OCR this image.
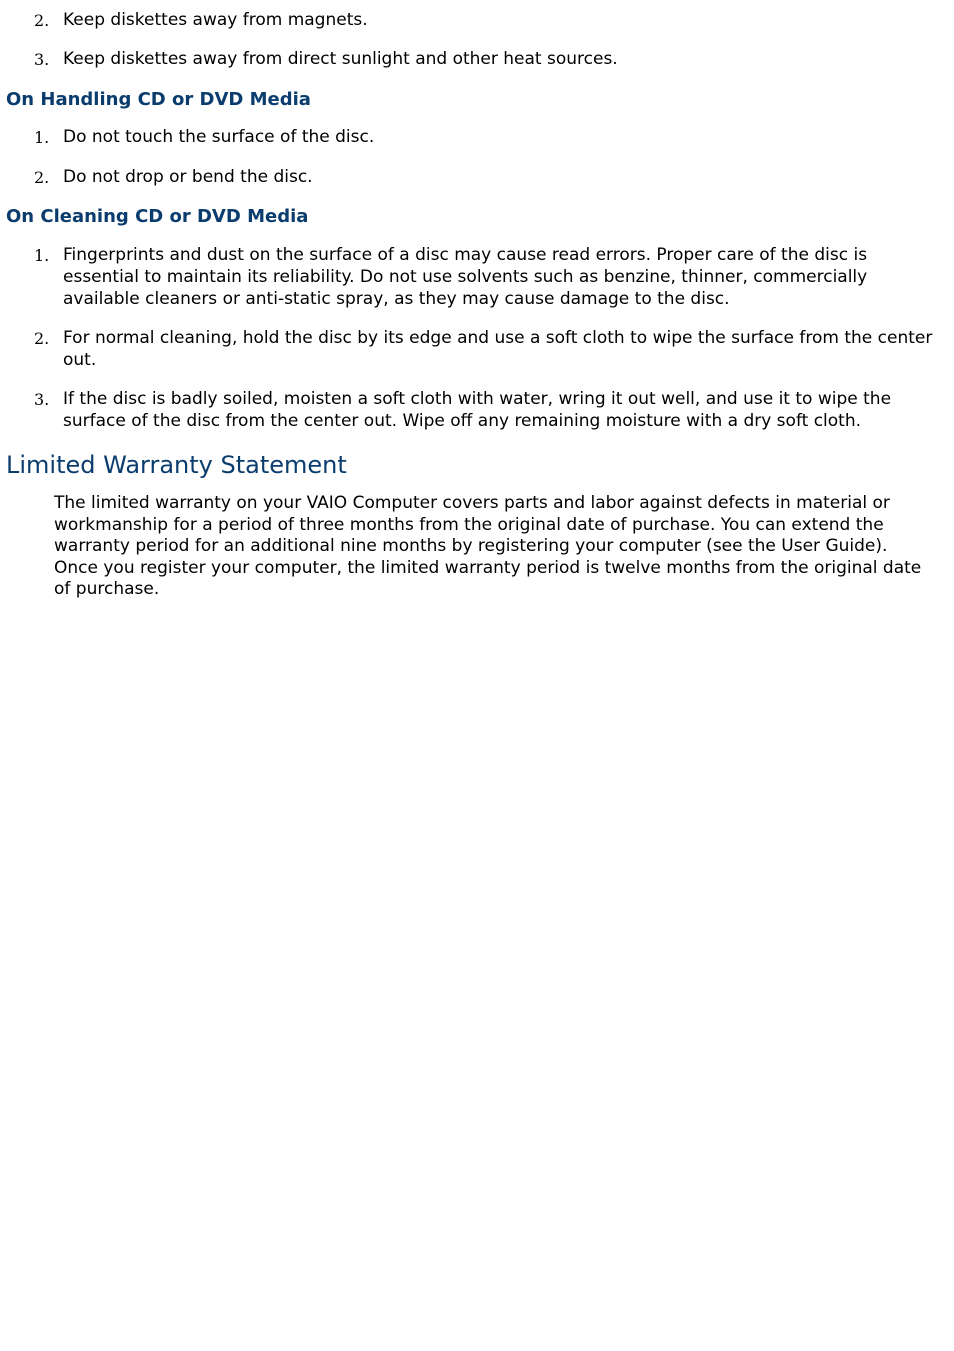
2. Keep diskettes away from magnets.
3. Keep diskettes away from direct sunlight and other heat sources.
On Handling CD or DVD Media
1. Do not touch the surface of the disc.
2. Do not drop or bend the disc.
On Cleaning CD or DVD Media
1. Fingerprints and dust on the surface of a disc may cause read errors. Proper care of the disc is essential to maintain its reliability. Do not use solvents such as benzine, thinner, commercially available cleaners or anti-static spray, as they may cause damage to the disc.
2. For normal cleaning, hold the disc by its edge and use a soft cloth to wipe the surface from the center out.
3. If the disc is badly soiled, moisten a soft cloth with water, wring it out well, and use it to wipe the surface of the disc from the center out. Wipe off any remaining moisture with a dry soft cloth.
Limited Warranty Statement

The limited warranty on your VAIO Computer covers parts and labor against defects in material or workmanship for a period of three months from the original date of purchase. You can extend the warranty period for an additional nine months by registering your computer (see the User Guide). Once you register your computer, the limited warranty period is twelve months from the original date of purchase.
